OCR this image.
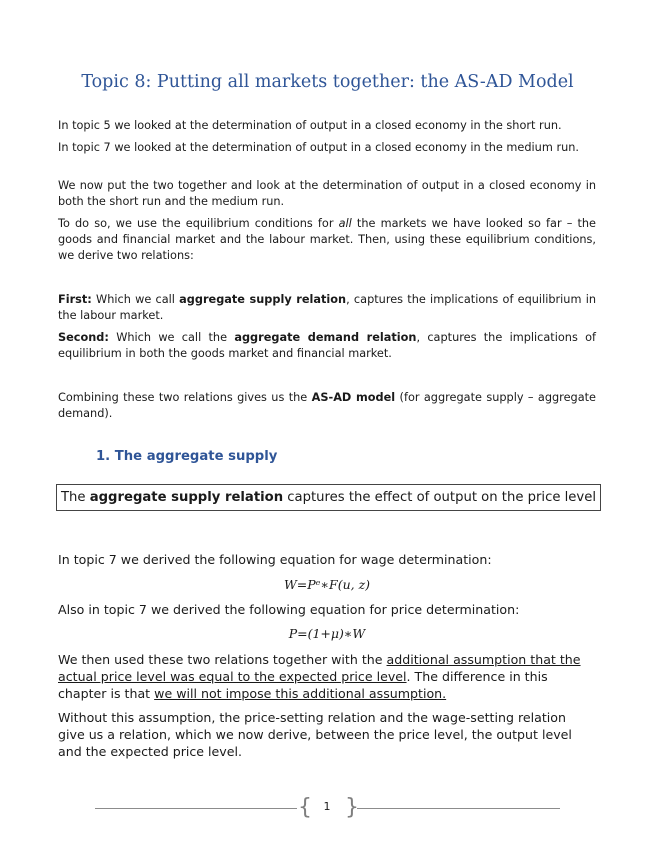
Topic 8: Putting all markets together: the AS-AD Model

In topic 5 we looked at the determination of output in a closed economy in the short run.

In topic 7 we looked at the determination of output in a closed economy in the medium run.

We now put the two together and look at the determination of output in a closed economy in both the short run and the medium run.

To do so, we use the equilibrium conditions for all the markets we have looked so far – the goods and financial market and the labour market. Then, using these equilibrium conditions, we derive two relations:

First: Which we call aggregate supply relation, captures the implications of equilibrium in the labour market.

Second: Which we call the aggregate demand relation, captures the implications of equilibrium in both the goods market and financial market.

Combining these two relations gives us the AS-AD model (for aggregate supply – aggregate demand).

1. The aggregate supply
The aggregate supply relation captures the effect of output on the price level

In topic 7 we derived the following equation for wage determination:

W=Pᵉ∗F(u, z)

Also in topic 7 we derived the following equation for price determination:

P=(1+μ)∗W

We then used these two relations together with the additional assumption that the actual price level was equal to the expected price level. The difference in this chapter is that we will not impose this additional assumption.

Without this assumption, the price-setting relation and the wage-setting relation give us a relation, which we now derive, between the price level, the output level and the expected price level.

{ }
1
